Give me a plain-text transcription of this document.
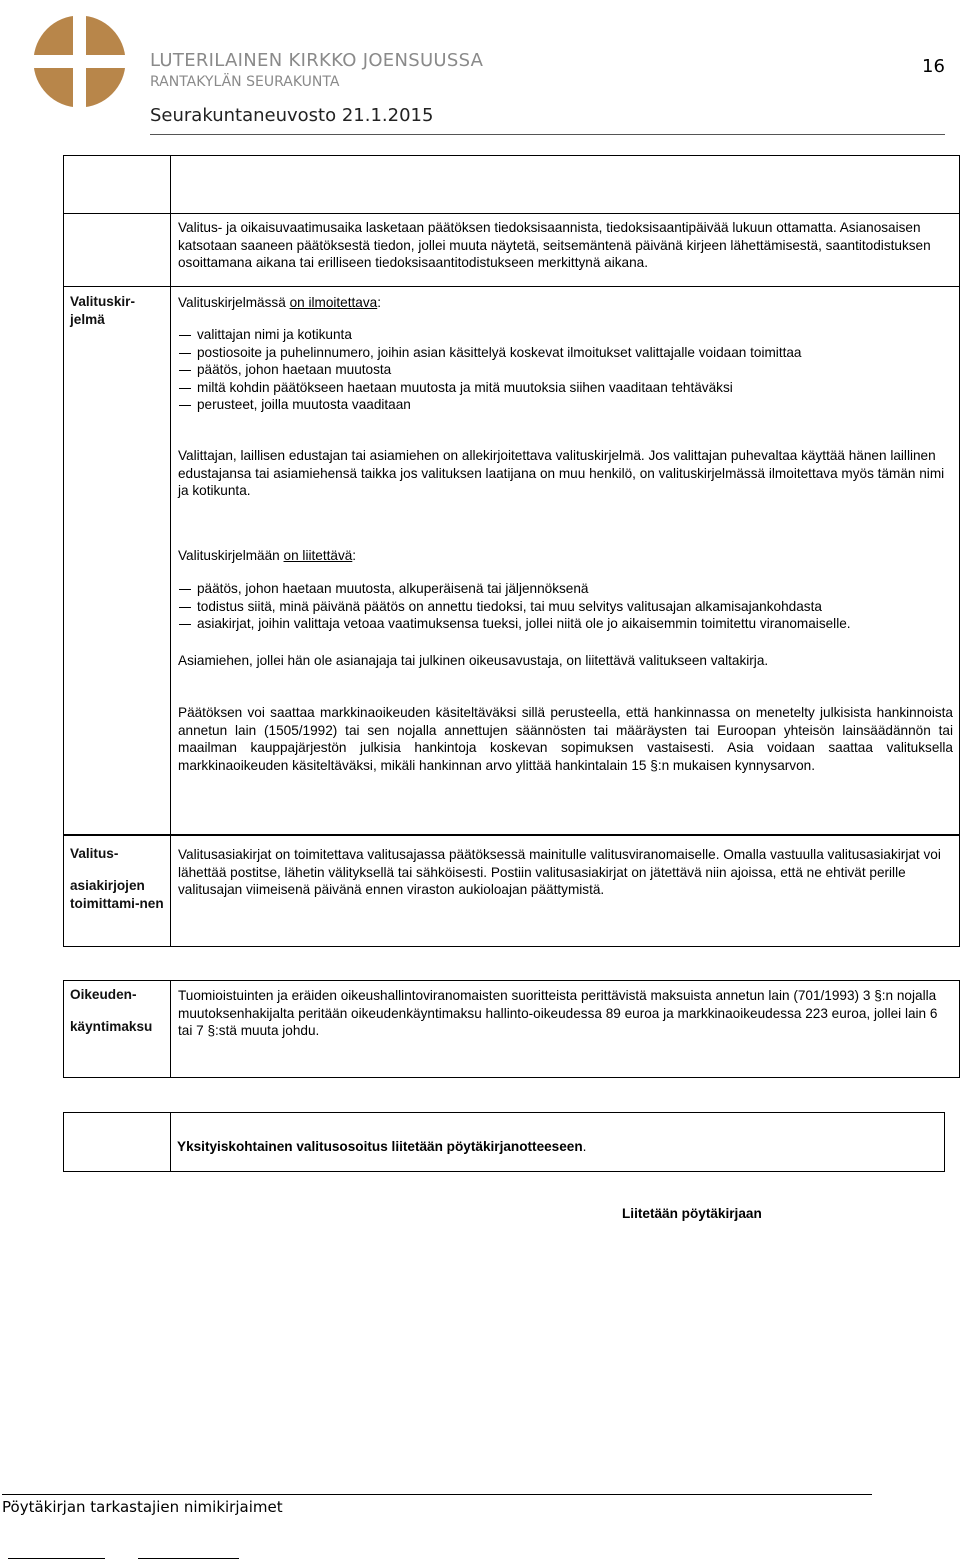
LUTERILAINEN KIRKKO JOENSUUSSA
RANTAKYLÄN SEURAKUNTA
Seurakuntaneuvosto 21.1.2015
16
Valitus- ja oikaisuvaatimusaika lasketaan päätöksen tiedoksisaannista, tiedoksisaantipäivää lukuun ottamatta. Asianosaisen katsotaan saaneen päätöksestä tiedon, jollei muuta näytetä, seitsemäntenä päivänä kirjeen lähettämisestä, saantitodistuksen osoittamana aikana tai erilliseen tiedoksisaantitodistukseen merkittynä aikana.
Valituskir-jelmä
Valituskirjelmässä on ilmoitettava:
valittajan nimi ja kotikunta
postiosoite ja puhelinnumero, joihin asian käsittelyä koskevat ilmoitukset valittajalle voidaan toimittaa
päätös, johon haetaan muutosta
miltä kohdin päätökseen haetaan muutosta ja mitä muutoksia siihen vaaditaan tehtäväksi
perusteet, joilla muutosta vaaditaan
Valittajan, laillisen edustajan tai asiamiehen on allekirjoitettava valituskirjelmä. Jos valittajan puhevaltaa käyttää hänen laillinen edustajansa tai asiamiehensä taikka jos valituksen laatijana on muu henkilö, on valituskirjelmässä ilmoitettava myös tämän nimi ja kotikunta.
Valituskirjelmään on liitettävä:
päätös, johon haetaan muutosta, alkuperäisenä tai jäljennöksenä
todistus siitä, minä päivänä päätös on annettu tiedoksi, tai muu selvitys valitusajan alkamisajankohdasta
asiakirjat, joihin valittaja vetoaa vaatimuksensa tueksi, jollei niitä ole jo aikaisemmin toimitettu viranomaiselle.
Asiamiehen, jollei hän ole asianajaja tai julkinen oikeusavustaja, on liitettävä valitukseen valtakirja.
Päätöksen voi saattaa markkinaoikeuden käsiteltäväksi sillä perusteella, että hankinnassa on menetelty julkisista hankinnoista annetun lain (1505/1992) tai sen nojalla annettujen säännösten tai määräysten tai Euroopan yhteisön lainsäädännön tai maailman kauppajärjestön julkisia hankintoja koskevan sopimuksen vastaisesti. Asia voidaan saattaa valituksella markkinaoikeuden käsiteltäväksi, mikäli hankinnan arvo ylittää hankintalain 15 §:n mukaisen kynnysarvon.
Valitus-
asiakirjojen toimittami-nen
Valitusasiakirjat on toimitettava valitusajassa päätöksessä mainitulle valitusviranomaiselle. Omalla vastuulla valitusasiakirjat voi lähettää postitse, lähetin välityksellä tai sähköisesti. Postiin valitusasiakirjat on jätettävä niin ajoissa, että ne ehtivät perille valitusajan viimeisenä päivänä ennen viraston aukioloajan päättymistä.
Oikeuden-
käyntimaksu
Tuomioistuinten ja eräiden oikeushallintoviranomaisten suoritteista perittävistä maksuista annetun lain (701/1993) 3 §:n nojalla muutoksenhakijalta peritään oikeudenkäyntimaksu hallinto-oikeudessa 89 euroa ja markkinaoikeudessa 223 euroa, jollei lain 6 tai 7 §:stä muuta johdu.
Yksityiskohtainen valitusosoitus liitetään pöytäkirjanotteeseen.
Liitetään pöytäkirjaan
Pöytäkirjan tarkastajien nimikirjaimet
